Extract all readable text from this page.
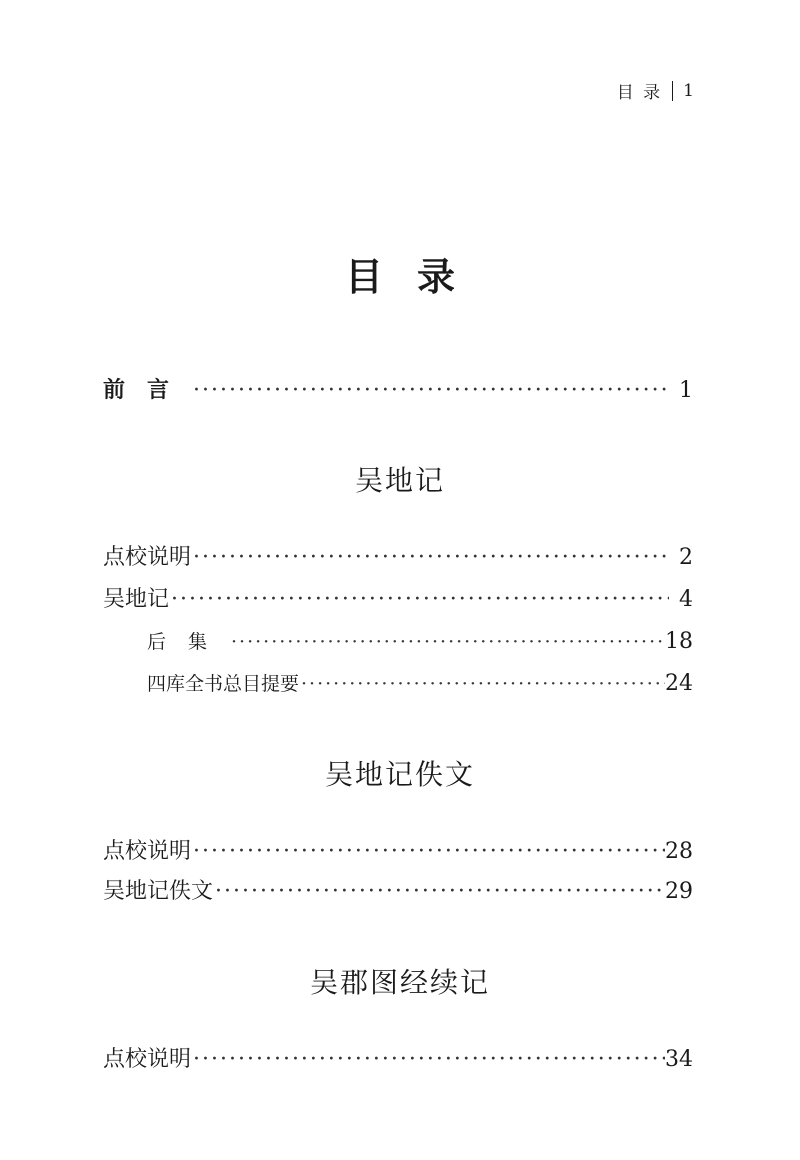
目 录 1
目录
前言 ·····	1
吴地记
点校说明 ·····	2
吴地记 ·····	4
后集 ·····	18
四库全书总目提要 ·····	24
吴地记佚文
点校说明 ·····	28
吴地记佚文 ·····	29
吴郡图经续记
点校说明 ·····	34
